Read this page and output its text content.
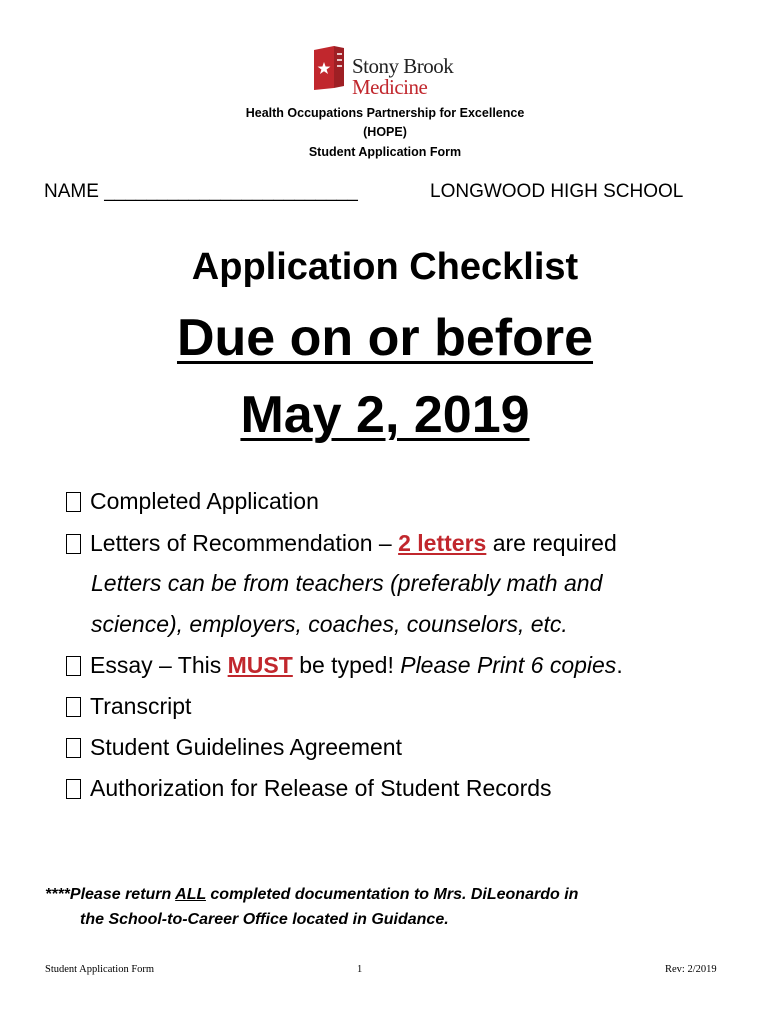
Stony Brook
Medicine
Health Occupations Partnership for Excellence
(HOPE)
Student Application Form
NAME ________________________	LONGWOOD HIGH SCHOOL
Application Checklist
Due on or before
May 2, 2019
Completed Application
Letters of Recommendation – 2 letters are required
Letters can be from teachers (preferably math and
science), employers, coaches, counselors, etc.
Essay – This MUST be typed! Please Print 6 copies.
Transcript
Student Guidelines Agreement
Authorization for Release of Student Records
****Please return ALL completed documentation to Mrs. DiLeonardo in
the School-to-Career Office located in Guidance.
Student Application Form	1	Rev: 2/2019
